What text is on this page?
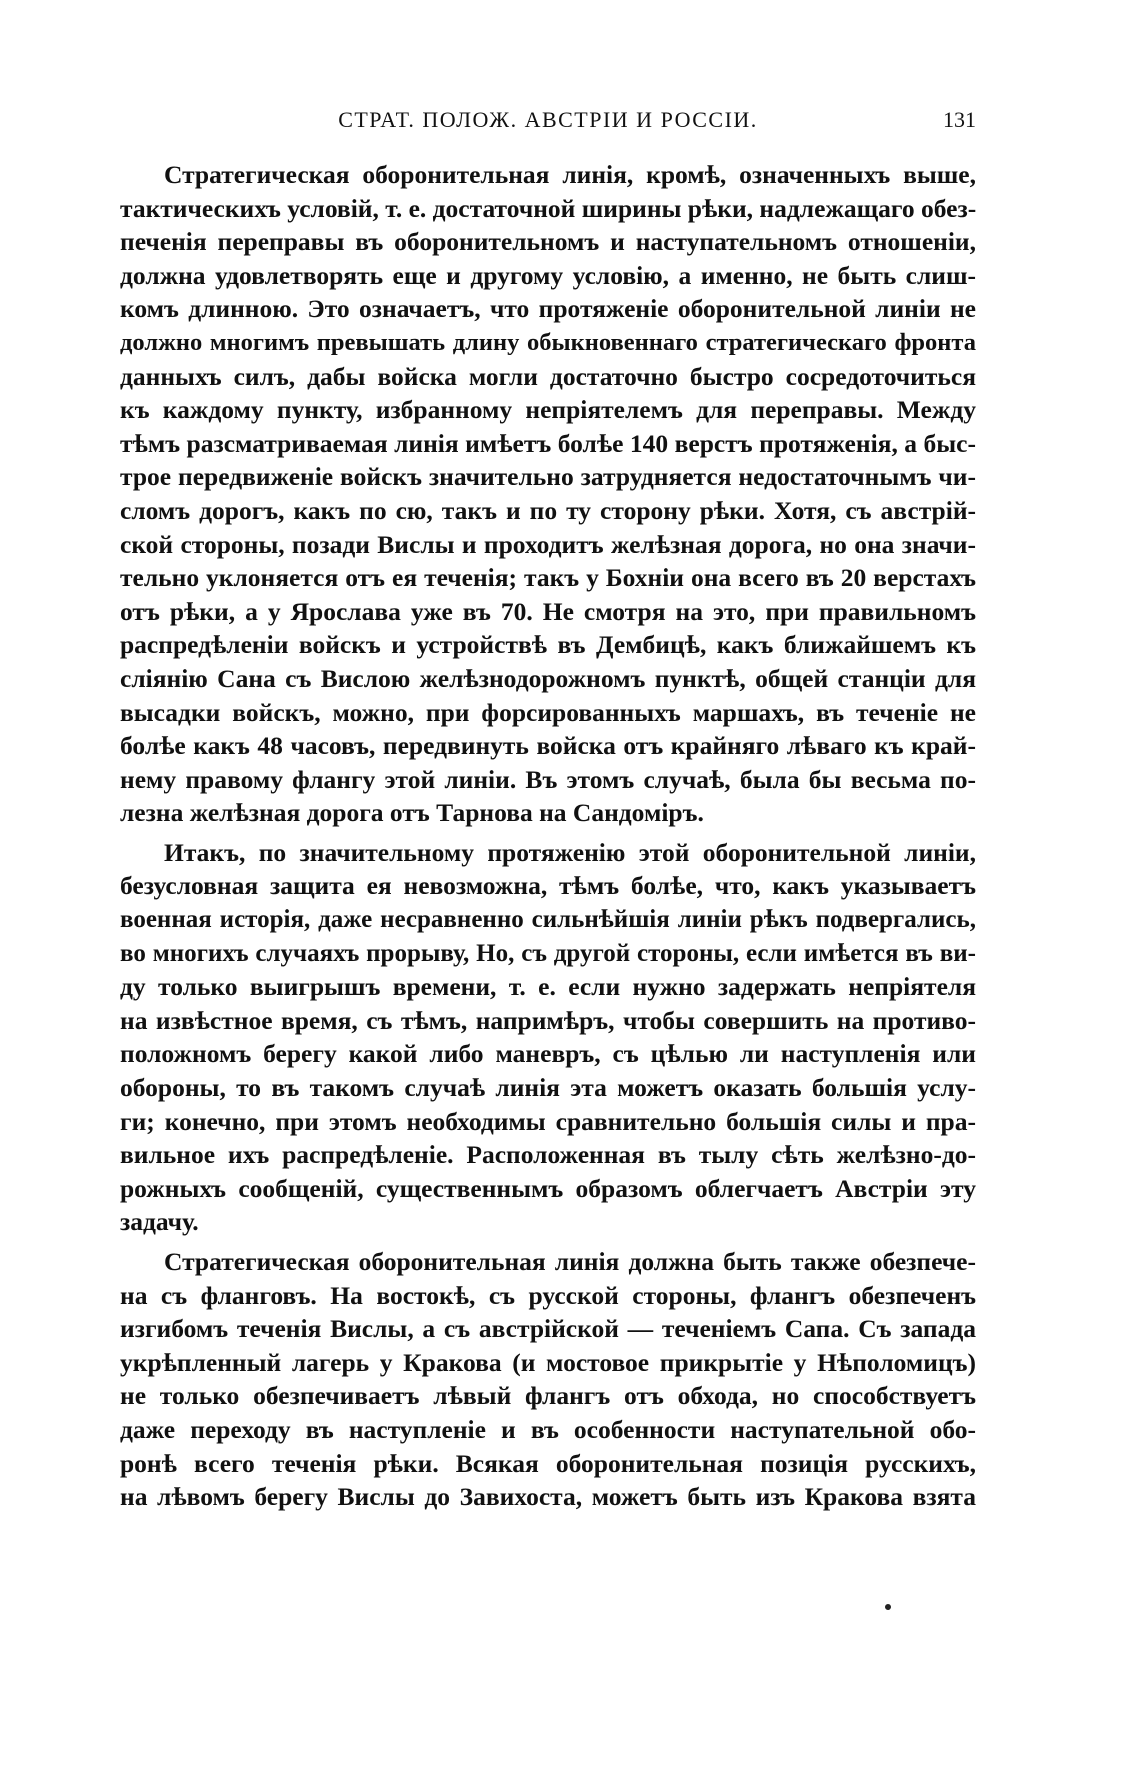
СТРАТ. ПОЛОЖ. АВСТРІИ И РОССІИ.	131
Стратегическая оборонительная линія, кромѣ, означенныхъ выше,
тактическихъ условій, т. е. достаточной ширины рѣки, надлежащаго обез-
печенія переправы въ оборонительномъ и наступательномъ отношеніи,
должна удовлетворять еще и другому условію, а именно, не быть слиш-
комъ длинною. Это означаетъ, что протяженіе оборонительной линіи не
должно многимъ превышать длину обыкновеннаго стратегическаго фронта
данныхъ силъ, дабы войска могли достаточно быстро сосредоточиться
къ каждому пункту, избранному непріятелемъ для переправы. Между
тѣмъ разсматриваемая линія имѣетъ болѣе 140 верстъ протяженія, а быс-
трое передвиженіе войскъ значительно затрудняется недостаточнымъ чи-
сломъ дорогъ, какъ по сю, такъ и по ту сторону рѣки. Хотя, съ австрій-
ской стороны, позади Вислы и проходитъ желѣзная дорога, но она значи-
тельно уклоняется отъ ея теченія; такъ у Бохніи она всего въ 20 верстахъ
отъ рѣки, а у Ярослава уже въ 70. Не смотря на это, при правильномъ
распредѣленіи войскъ и устройствѣ въ Дембицѣ, какъ ближайшемъ къ
сліянію Сана съ Вислою желѣзнодорожномъ пунктѣ, общей станціи для
высадки войскъ, можно, при форсированныхъ маршахъ, въ теченіе не
болѣе какъ 48 часовъ, передвинуть войска отъ крайняго лѣваго къ край-
нему правому флангу этой линіи. Въ этомъ случаѣ, была бы весьма по-
лезна желѣзная дорога отъ Тарнова на Сандоміръ.
Итакъ, по значительному протяженію этой оборонительной линіи,
безусловная защита ея невозможна, тѣмъ болѣе, что, какъ указываетъ
военная исторія, даже несравненно сильнѣйшія линіи рѣкъ подвергались,
во многихъ случаяхъ прорыву, Но, съ другой стороны, если имѣется въ ви-
ду только выигрышъ времени, т. е. если нужно задержать непріятеля
на извѣстное время, съ тѣмъ, напримѣръ, чтобы совершить на противо-
положномъ берегу какой либо маневръ, съ цѣлью ли наступленія или
обороны, то въ такомъ случаѣ линія эта можетъ оказать большія услу-
ги; конечно, при этомъ необходимы сравнительно большія силы и пра-
вильное ихъ распредѣленіе. Расположенная въ тылу сѣть желѣзно-до-
рожныхъ сообщеній, существеннымъ образомъ облегчаетъ Австріи эту
задачу.
Стратегическая оборонительная линія должна быть также обезпече-
на съ фланговъ. На востокѣ, съ русской стороны, флангъ обезпеченъ
изгибомъ теченія Вислы, а съ австрійской — теченіемъ Сапа. Съ запада
укрѣпленный лагерь у Кракова (и мостовое прикрытіе у Нѣполомицъ)
не только обезпечиваетъ лѣвый флангъ отъ обхода, но способствуетъ
даже переходу въ наступленіе и въ особенности наступательной обо-
ронѣ всего теченія рѣки. Всякая оборонительная позиція русскихъ,
на лѣвомъ берегу Вислы до Завихоста, можетъ быть изъ Кракова взята
